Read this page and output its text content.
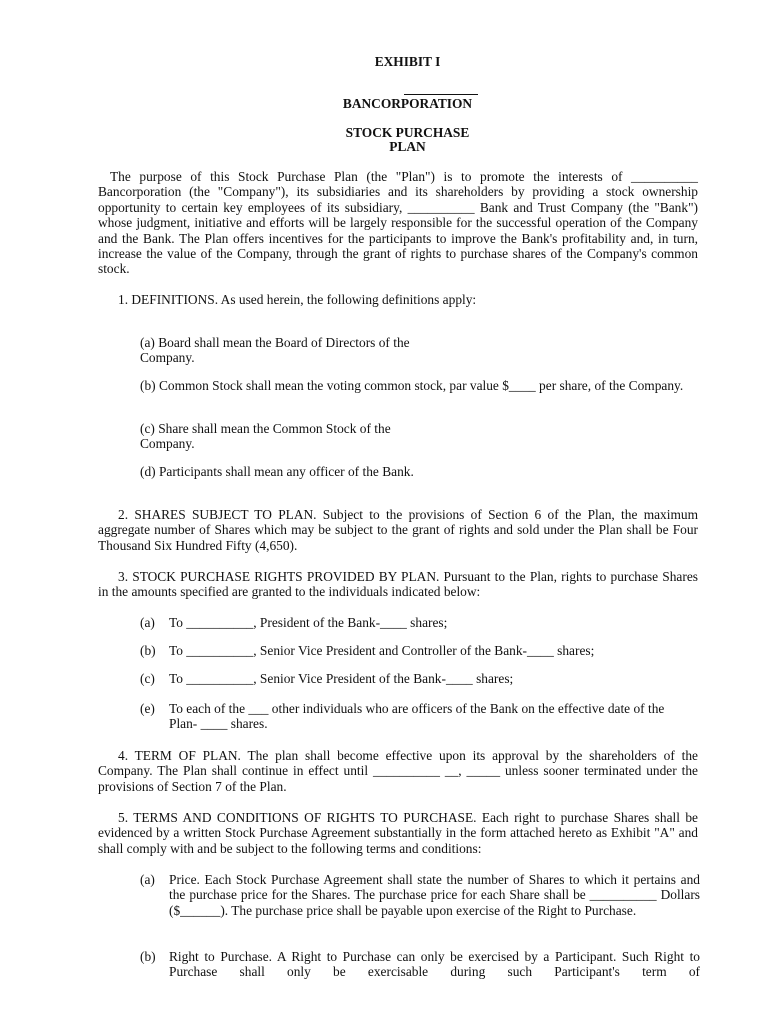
EXHIBIT I
BANCORPORATION
STOCK PURCHASE
PLAN
The purpose of this Stock Purchase Plan (the "Plan") is to promote the interests of __________ Bancorporation (the "Company"), its subsidiaries and its shareholders by providing a stock ownership opportunity to certain key employees of its subsidiary, __________ Bank and Trust Company (the "Bank") whose judgment, initiative and efforts will be largely responsible for the successful operation of the Company and the Bank. The Plan offers incentives for the participants to improve the Bank's profitability and, in turn, increase the value of the Company, through the grant of rights to purchase shares of the Company's common stock.
1. DEFINITIONS. As used herein, the following definitions apply:
(a) Board shall mean the Board of Directors of the Company.
(b) Common Stock shall mean the voting common stock, par value $____ per share, of the Company.
(c) Share shall mean the Common Stock of the Company.
(d) Participants shall mean any officer of the Bank.
2. SHARES SUBJECT TO PLAN. Subject to the provisions of Section 6 of the Plan, the maximum aggregate number of Shares which may be subject to the grant of rights and sold under the Plan shall be Four Thousand Six Hundred Fifty (4,650).
3. STOCK PURCHASE RIGHTS PROVIDED BY PLAN. Pursuant to the Plan, rights to purchase Shares in the amounts specified are granted to the individuals indicated below:
(a) To __________, President of the Bank-____ shares;
(b) To __________, Senior Vice President and Controller of the Bank-____ shares;
(c) To __________, Senior Vice President of the Bank-____ shares;
(e) To each of the ___ other individuals who are officers of the Bank on the effective date of the Plan- ____ shares.
4. TERM OF PLAN. The plan shall become effective upon its approval by the shareholders of the Company. The Plan shall continue in effect until __________ __, _____ unless sooner terminated under the provisions of Section 7 of the Plan.
5. TERMS AND CONDITIONS OF RIGHTS TO PURCHASE. Each right to purchase Shares shall be evidenced by a written Stock Purchase Agreement substantially in the form attached hereto as Exhibit "A" and shall comply with and be subject to the following terms and conditions:
(a) Price. Each Stock Purchase Agreement shall state the number of Shares to which it pertains and the purchase price for the Shares. The purchase price for each Share shall be __________ Dollars ($______). The purchase price shall be payable upon exercise of the Right to Purchase.
(b) Right to Purchase. A Right to Purchase can only be exercised by a Participant. Such Right to Purchase shall only be exercisable during such Participant's term of
